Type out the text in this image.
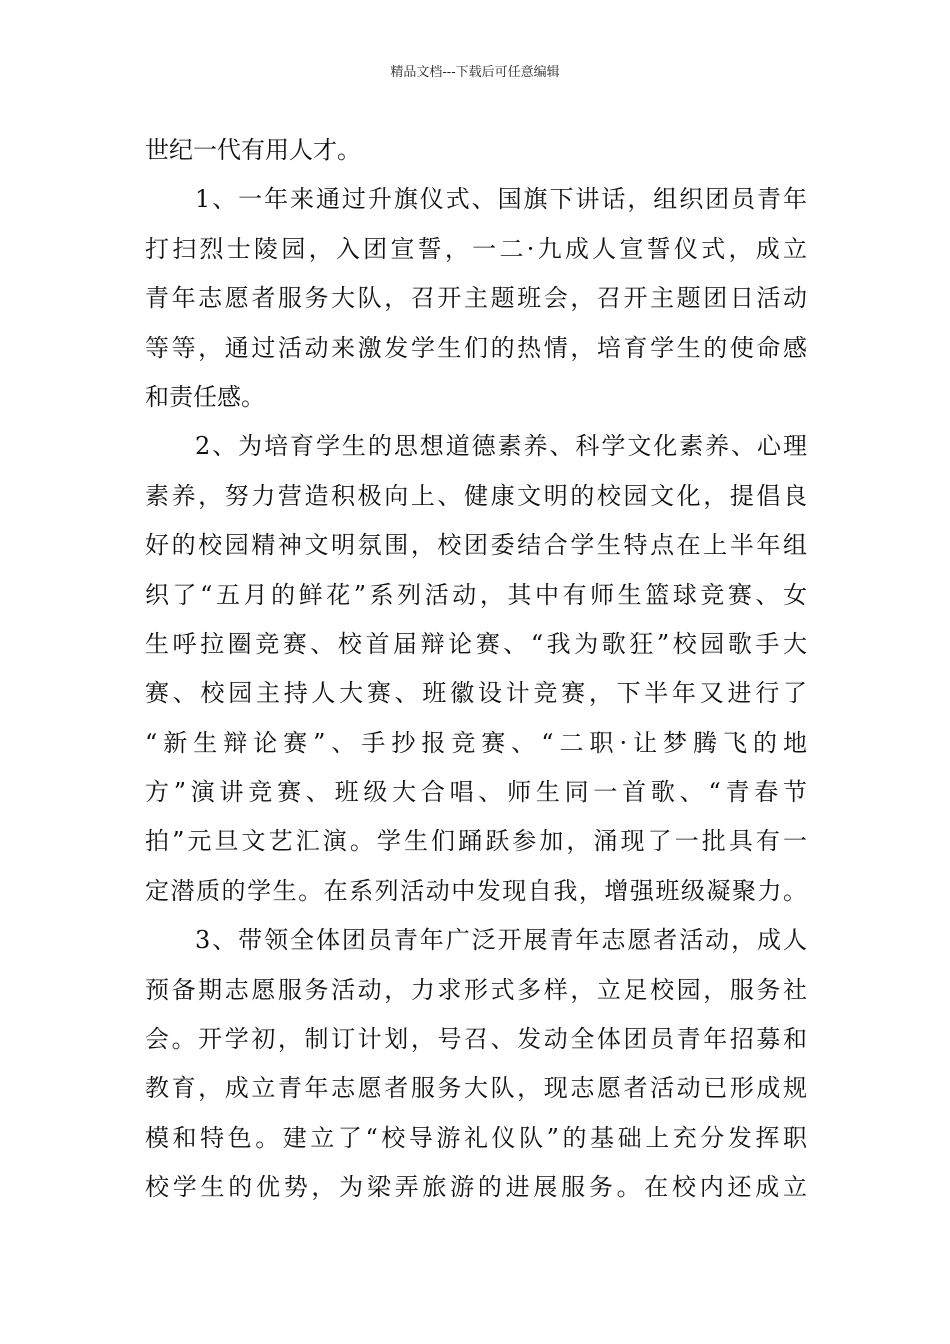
精品文档---下载后可任意编辑
世纪一代有用人才。
1、一年来通过升旗仪式、国旗下讲话，组织团员青年
打扫烈士陵园，入团宣誓，一二·九成人宣誓仪式，成立
青年志愿者服务大队，召开主题班会，召开主题团日活动
等等，通过活动来激发学生们的热情，培育学生的使命感
和责任感。
2、为培育学生的思想道德素养、科学文化素养、心理
素养，努力营造积极向上、健康文明的校园文化，提倡良
好的校园精神文明氛围，校团委结合学生特点在上半年组
织了“五月的鲜花”系列活动，其中有师生篮球竞赛、女
生呼拉圈竞赛、校首届辩论赛、“我为歌狂”校园歌手大
赛、校园主持人大赛、班徽设计竞赛，下半年又进行了
“新生辩论赛”、手抄报竞赛、“二职·让梦腾飞的地
方”演讲竞赛、班级大合唱、师生同一首歌、“青春节
拍”元旦文艺汇演。学生们踊跃参加，涌现了一批具有一
定潜质的学生。在系列活动中发现自我，增强班级凝聚力。
3、带领全体团员青年广泛开展青年志愿者活动，成人
预备期志愿服务活动，力求形式多样，立足校园，服务社
会。开学初，制订计划，号召、发动全体团员青年招募和
教育，成立青年志愿者服务大队，现志愿者活动已形成规
模和特色。建立了“校导游礼仪队”的基础上充分发挥职
校学生的优势，为梁弄旅游的进展服务。在校内还成立
